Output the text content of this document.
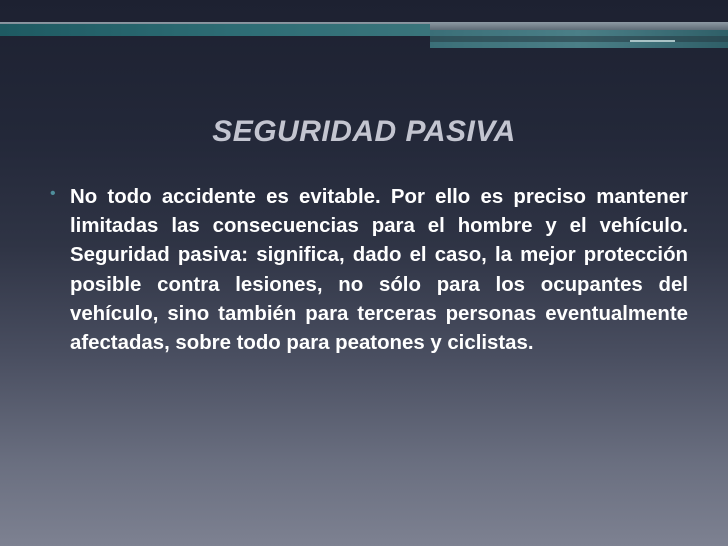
SEGURIDAD PASIVA
• No todo accidente es evitable. Por ello es preciso mantener limitadas las consecuencias para el hombre y el vehículo. Seguridad pasiva: significa, dado el caso, la mejor protección posible contra lesiones, no sólo para los ocupantes del vehículo, sino también para terceras personas eventualmente afectadas, sobre todo para peatones y ciclistas.
